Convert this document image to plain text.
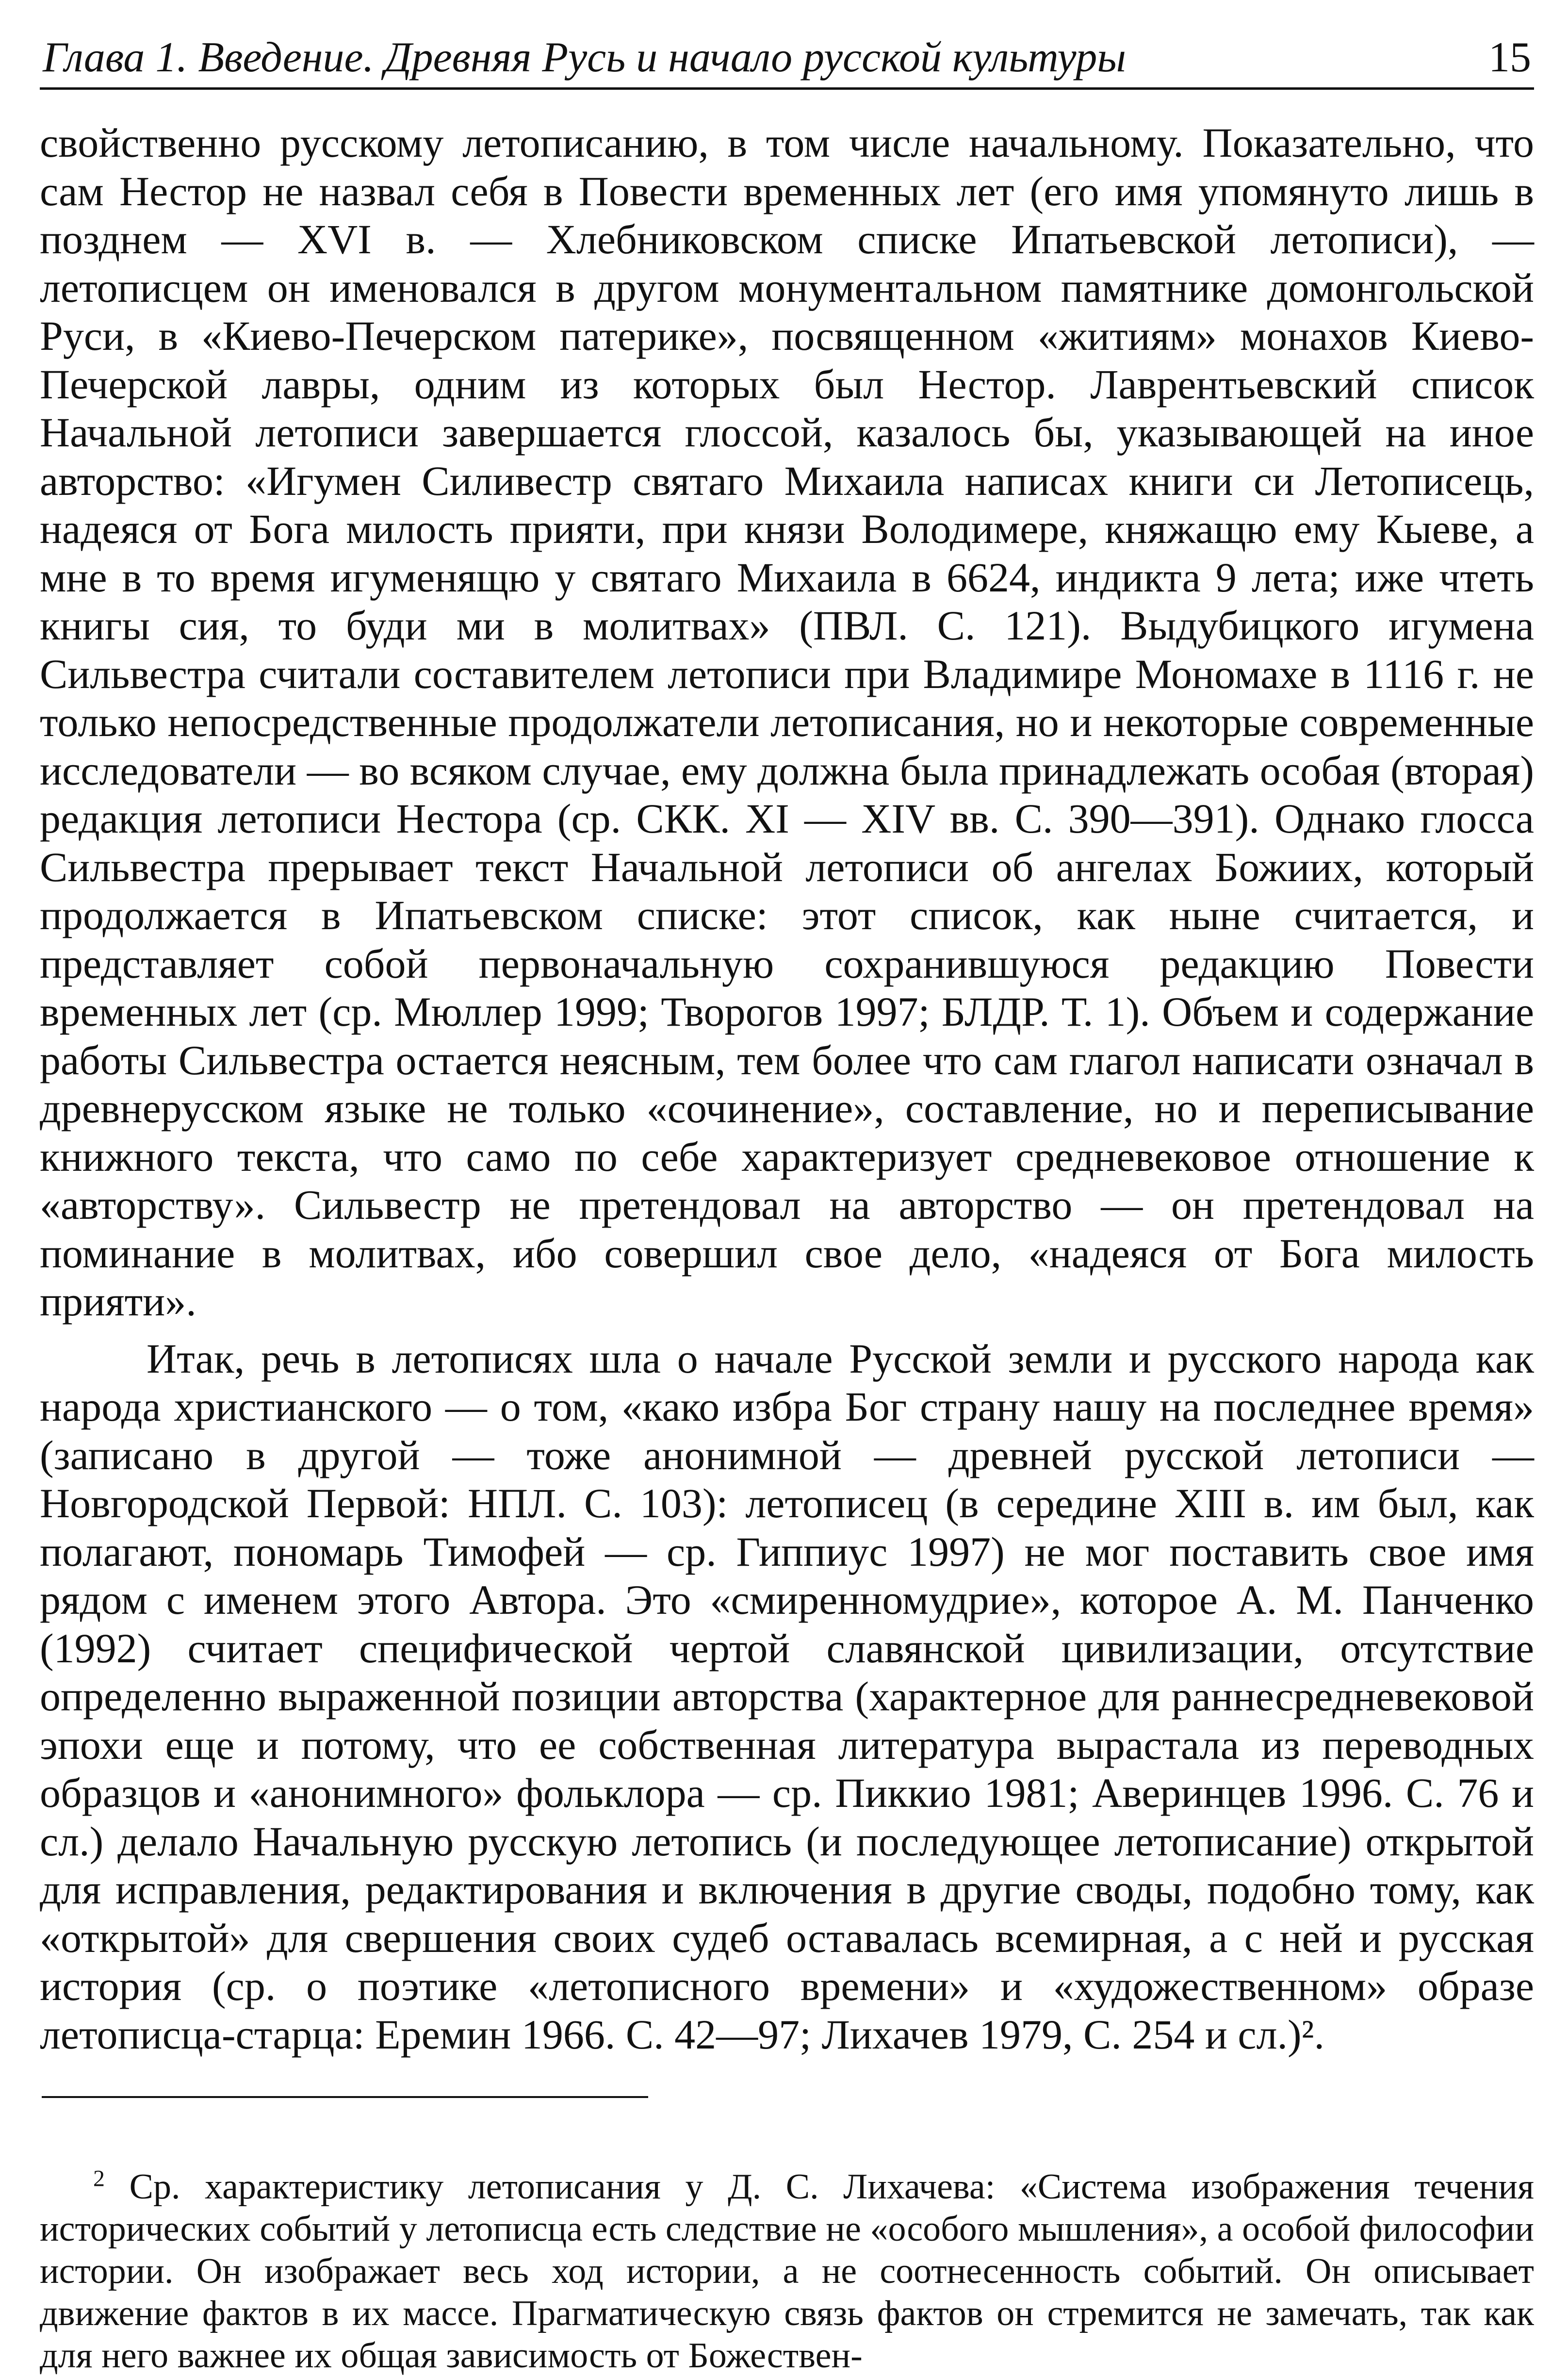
Глава 1. Введение. Древняя Русь и начало русской культуры	15

свойственно русскому летописанию, в том числе начальному. Показательно, что сам Нестор не назвал себя в Повести временных лет (его имя упомянуто лишь в позднем — XVI в. — Хлебниковском списке Ипатьевской летописи), — летописцем он именовался в другом монументальном памятнике домонгольской Руси, в «Киево-Печерском патерике», посвященном «житиям» монахов Киево-Печерской лавры, одним из которых был Нестор. Лаврентьевский список Начальной летописи завершается глоссой, казалось бы, указывающей на иное авторство: «Игумен Силивестр святаго Михаила написах книги си Летописець, надеяся от Бога милость прияти, при князи Володимере, княжащю ему Кыеве, а мне в то время игуменящю у святаго Михаила в 6624, индикта 9 лета; иже чтеть книгы сия, то буди ми в молитвах» (ПВЛ. С. 121). Выдубицкого игумена Сильвестра считали составителем летописи при Владимире Мономахе в 1116 г. не только непосредственные продолжатели летописания, но и некоторые современные исследователи — во всяком случае, ему должна была принадлежать особая (вторая) редакция летописи Нестора (ср. СКК. XI — XIV вв. С. 390—391). Однако глосса Сильвестра прерывает текст Начальной летописи об ангелах Божиих, который продолжается в Ипатьевском списке: этот список, как ныне считается, и представляет собой первоначальную сохранившуюся редакцию Повести временных лет (ср. Мюллер 1999; Творогов 1997; БЛДР. Т. 1). Объем и содержание работы Сильвестра остается неясным, тем более что сам глагол написати означал в древнерусском языке не только «сочинение», составление, но и переписывание книжного текста, что само по себе характеризует средневековое отношение к «авторству». Сильвестр не претендовал на авторство — он претендовал на поминание в молитвах, ибо совершил свое дело, «надеяся от Бога милость прияти».

Итак, речь в летописях шла о начале Русской земли и русского народа как народа христианского — о том, «како избра Бог страну нашу на последнее время» (записано в другой — тоже анонимной — древней русской летописи — Новгородской Первой: НПЛ. С. 103): летописец (в середине XIII в. им был, как полагают, пономарь Тимофей — ср. Гиппиус 1997) не мог поставить свое имя рядом с именем этого Автора. Это «смиренномудрие», которое А. М. Панченко (1992) считает специфической чертой славянской цивилизации, отсутствие определенно выраженной позиции авторства (характерное для раннесредневековой эпохи еще и потому, что ее собственная литература вырастала из переводных образцов и «анонимного» фольклора — ср. Пиккио 1981; Аверинцев 1996. С. 76 и сл.) делало Начальную русскую летопись (и последующее летописание) открытой для исправления, редактирования и включения в другие своды, подобно тому, как «открытой» для свершения своих судеб оставалась всемирная, а с ней и русская история (ср. о поэтике «летописного времени» и «художественном» образе летописца-старца: Еремин 1966. С. 42—97; Лихачев 1979, С. 254 и сл.)².

$^2$ Ср. характеристику летописания у Д. С. Лихачева: «Система изображения течения исторических событий у летописца есть следствие не «особого мышления», а особой философии истории. Он изображает весь ход истории, а не соотнесенность событий. Он описывает движение фактов в их массе. Прагматическую связь фактов он стремится не замечать, так как для него важнее их общая зависимость от Божествен-
